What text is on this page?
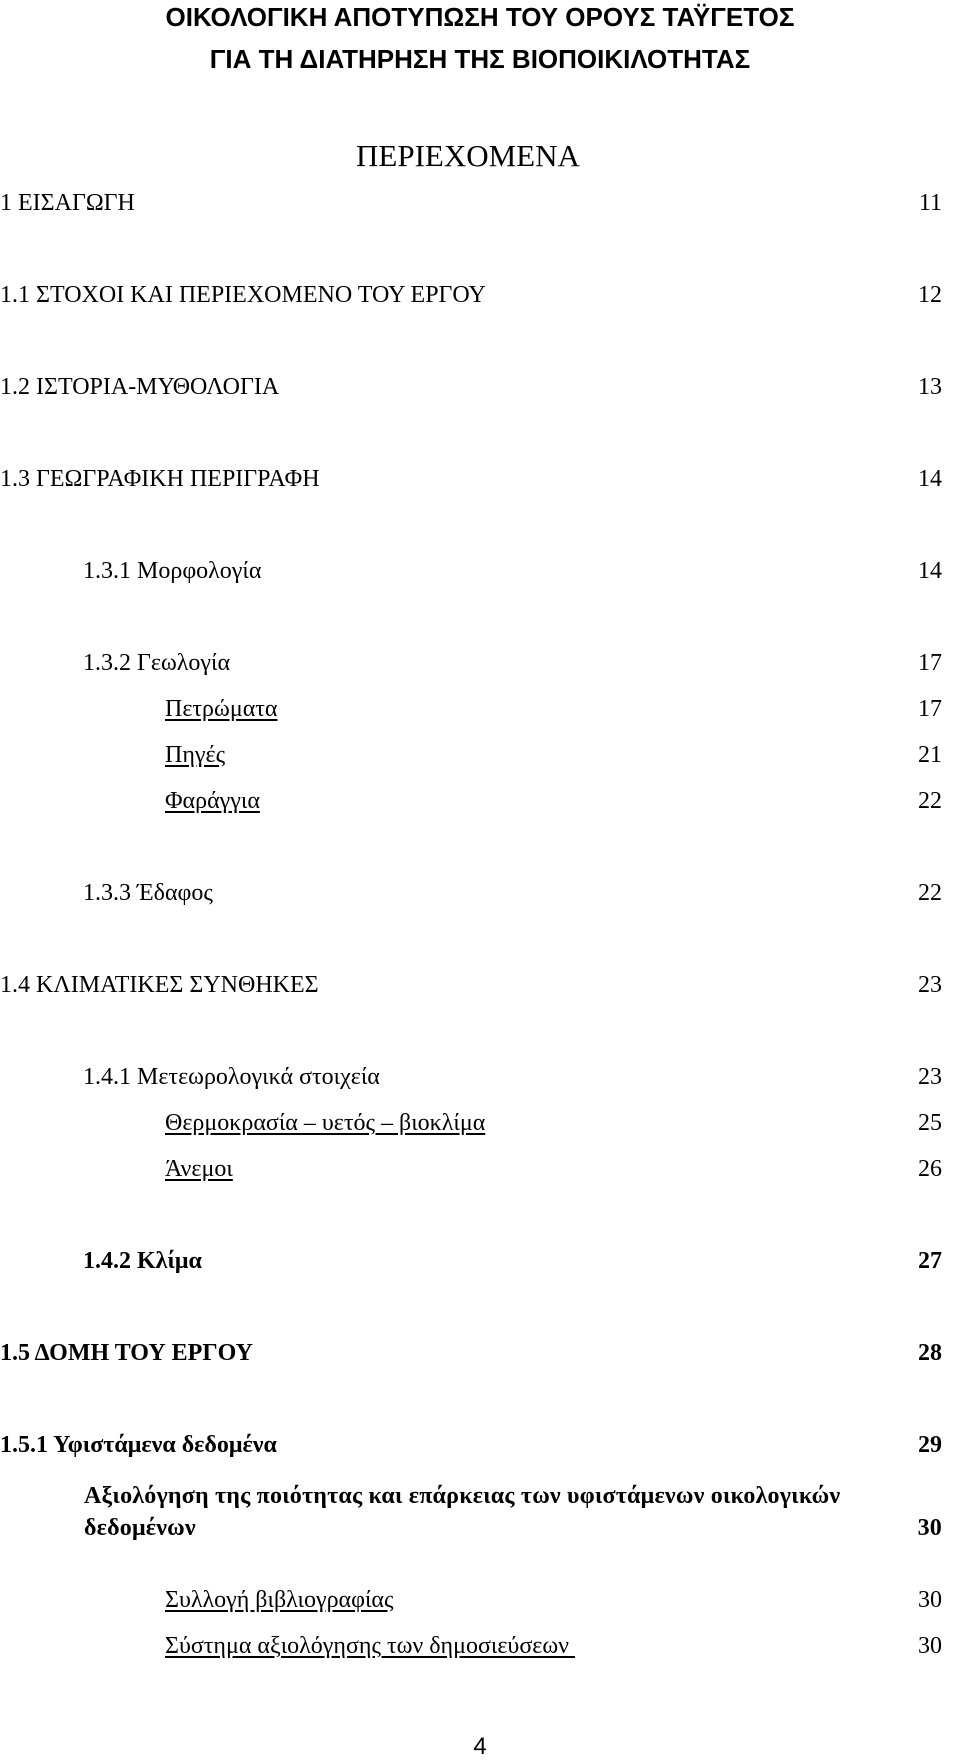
ΟΙΚΟΛΟΓΙΚΗ ΑΠΟΤΥΠΩΣΗ ΤΟΥ ΟΡΟΥΣ ΤΑΫΓΕΤΟΣ
ΓΙΑ ΤΗ ΔΙΑΤΗΡΗΣΗ ΤΗΣ ΒΙΟΠΟΙΚΙΛΟΤΗΤΑΣ
ΠΕΡΙΕΧΟΜΕΝΑ
1 ΕΙΣΑΓΩΓΗ	11
1.1 ΣΤΟΧΟΙ ΚΑΙ ΠΕΡΙΕΧΟΜΕΝΟ ΤΟΥ ΕΡΓΟΥ	12
1.2 ΙΣΤΟΡΙΑ-ΜΥΘΟΛΟΓΙΑ	13
1.3 ΓΕΩΓΡΑΦΙΚΗ ΠΕΡΙΓΡΑΦΗ	14
1.3.1 Μορφολογία	14
1.3.2 Γεωλογία	17
Πετρώματα	17
Πηγές	21
Φαράγγια	22
1.3.3 Έδαφος	22
1.4 ΚΛΙΜΑΤΙΚΕΣ ΣΥΝΘΗΚΕΣ	23
1.4.1 Μετεωρολογικά στοιχεία	23
Θερμοκρασία – υετός – βιοκλίμα	25
Άνεμοι	26
1.4.2 Κλίμα	27
1.5 ΔΟΜΗ ΤΟΥ ΕΡΓΟΥ	28
1.5.1 Υφιστάμενα δεδομένα	29
Αξιολόγηση της ποιότητας και επάρκειας των υφιστάμενων οικολογικών
δεδομένων	30
Συλλογή βιβλιογραφίας	30
Σύστημα αξιολόγησης των δημοσιεύσεων	30
4
